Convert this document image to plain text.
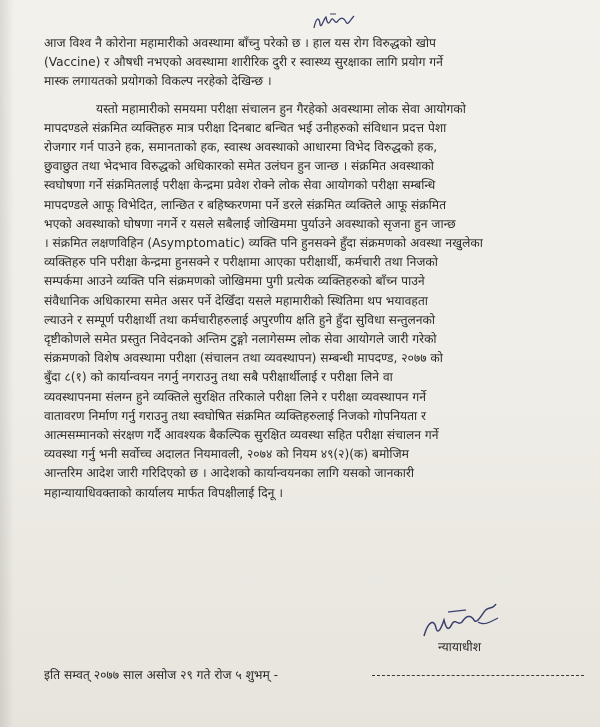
आज विश्व नै कोरोना महामारीको अवस्थामा बाँच्नु परेको छ । हाल यस रोग विरुद्धको खोप
(Vaccine) र औषधी नभएको अवस्थामा शारीरिक दुरी र स्वास्थ्य सुरक्षाका लागि प्रयोग गर्ने
मास्क लगायतको प्रयोगको विकल्प नरहेको देखिन्छ ।
यस्तो महामारीको समयमा परीक्षा संचालन हुन गैरहेको अवस्थामा लोक सेवा आयोगको
मापदण्डले संक्रमित व्यक्तिहरु मात्र परीक्षा दिनबाट बन्चित भई उनीहरुको संविधान प्रदत्त पेशा
रोजगार गर्न पाउने हक, समानताको हक, स्वास्थ अवस्थाको आधारमा विभेद विरुद्धको हक,
छुवाछुत तथा भेदभाव विरुद्धको अधिकारको समेत उलंघन हुन जान्छ । संक्रमित अवस्थाको
स्वघोषणा गर्ने संक्रमितलाई परीक्षा केन्द्रमा प्रवेश रोक्ने लोक सेवा आयोगको परीक्षा सम्बन्धि
मापदण्डले आफू विभेदित, लान्छित र बहिष्करणमा पर्ने डरले संक्रमित व्यक्तिले आफू संक्रमित
भएको अवस्थाको घोषणा नगर्ने र यसले सबैलाई जोखिममा पुर्याउने अवस्थाको सृजना हुन जान्छ
। संक्रमित लक्षणविहिन (Asymptomatic) व्यक्ति पनि हुनसक्ने हुँदा संक्रमणको अवस्था नखुलेका
व्यक्तिहरु पनि परीक्षा केन्द्रमा हुनसक्ने र परीक्षामा आएका परीक्षार्थी, कर्मचारी तथा निजको
सम्पर्कमा आउने व्यक्ति पनि संक्रमणको जोखिममा पुगी प्रत्येक व्यक्तिहरुको बाँच्न पाउने
संवैधानिक अधिकारमा समेत असर पर्ने देखिँदा यसले महामारीको स्थितिमा थप भयावहता
ल्याउने र सम्पूर्ण परीक्षार्थी तथा कर्मचारीहरुलाई अपुरणीय क्षति हुने हुँदा सुविधा सन्तुलनको
दृष्टीकोणले समेत प्रस्तुत निवेदनको अन्तिम टुङ्गो नलागेसम्म लोक सेवा आयोगले जारी गरेको
संक्रमणको विशेष अवस्थामा परीक्षा (संचालन तथा व्यवस्थापन) सम्बन्धी मापदण्ड, २०७७ को
बुँदा ८(१) को कार्यान्वयन नगर्नु नगराउनु तथा सबै परीक्षार्थीलाई र परीक्षा लिने वा
व्यवस्थापनमा संलग्न हुने व्यक्तिले सुरक्षित तरिकाले परीक्षा लिने र परीक्षा व्यवस्थापन गर्ने
वातावरण निर्माण गर्नु गराउनु तथा स्वघोषित संक्रमित व्यक्तिहरुलाई निजको गोपनियता र
आत्मसम्मानको संरक्षण गर्दै आवश्यक बैकल्पिक सुरक्षित व्यवस्था सहित परीक्षा संचालन गर्ने
व्यवस्था गर्नु भनी सर्वोच्च अदालत नियमावली, २०७४ को नियम ४९(२)(क) बमोजिम
आन्तरिम आदेश जारी गरिदिएको छ । आदेशको कार्यान्वयनका लागि यसको जानकारी
महान्यायाधिवक्ताको कार्यालय मार्फत विपक्षीलाई दिनू ।
न्यायाधीश
इति सम्वत् २०७७ साल असोज २९ गते रोज ५ शुभम् -
